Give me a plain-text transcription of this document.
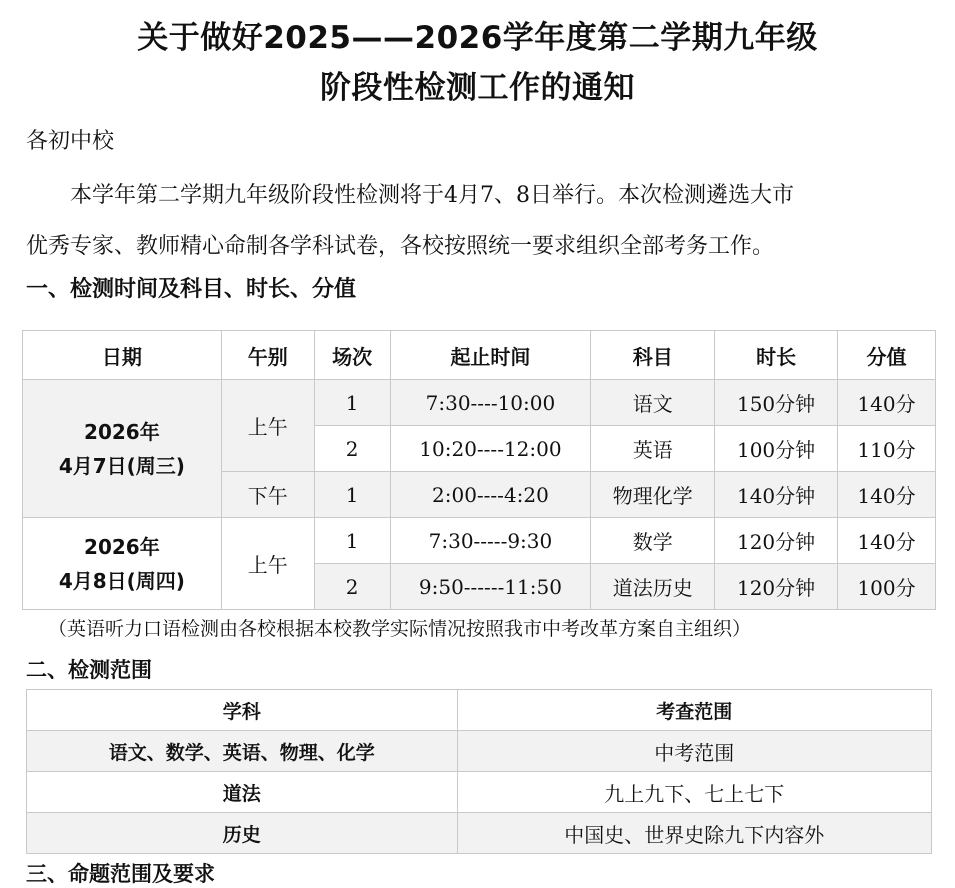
关于做好2025——2026学年度第二学期九年级
阶段性检测工作的通知
各初中校
本学年第二学期九年级阶段性检测将于4月7、8日举行。本次检测遴选大市
优秀专家、教师精心命制各学科试卷，各校按照统一要求组织全部考务工作。
一、检测时间及科目、时长、分值
日期	午别	场次	起止时间	科目	时长	分值

2026年
4月7日(周三)	上午	1	7:30----10:00	语文	150分钟	140分
		2	10:20----12:00	英语	100分钟	110分
	下午	1	2:00----4:20	物理化学	140分钟	140分

2026年
4月8日(周四)	上午	1	7:30-----9:30	数学	120分钟	140分
		2	9:50------11:50	道法历史	120分钟	100分
（英语听力口语检测由各校根据本校教学实际情况按照我市中考改革方案自主组织）
二、检测范围
学科	考查范围
语文、数学、英语、物理、化学	中考范围
道法	九上九下、七上七下
历史	中国史、世界史除九下内容外
三、命题范围及要求
